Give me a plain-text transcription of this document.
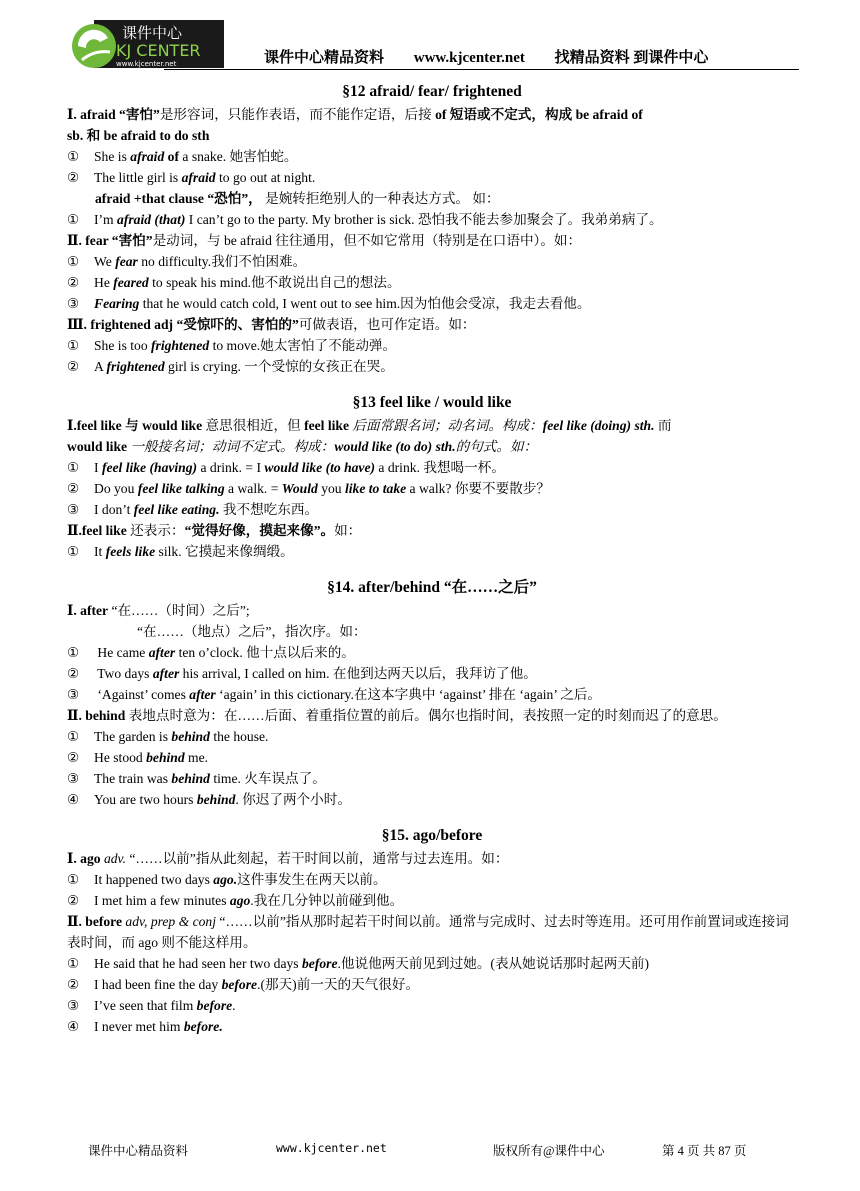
课件中心
KJ CENTER
www.kjcenter.net	课件中心精品资料 www.kjcenter.net 找精品资料 到课件中心
§12 afraid/ fear/ frightened
Ⅰ. afraid “害怕”是形容词，只能作表语，而不能作定语，后接 of 短语或不定式，构成 be afraid of
sb. 和 be afraid to do sth
① She is afraid of a snake. 她害怕蛇。
② The little girl is afraid to go out at night.
afraid +that clause “恐怕”， 是婉转拒绝别人的一种表达方式。 如：
① I’m afraid (that) I can’t go to the party. My brother is sick. 恐怕我不能去参加聚会了。我弟弟病了。
Ⅱ. fear “害怕”是动词，与 be afraid 往往通用，但不如它常用（特别是在口语中）。如：
① We fear no difficulty.我们不怕困难。
② He feared to speak his mind.他不敢说出自己的想法。
③ Fearing that he would catch cold, I went out to see him.因为怕他会受凉，我走去看他。
Ⅲ. frightened adj “受惊吓的、害怕的”可做表语，也可作定语。如：
① She is too frightened to move.她太害怕了不能动弹。
② A frightened girl is crying. 一个受惊的女孩正在哭。
§13 feel like / would like
Ⅰ.feel like 与 would like 意思很相近，但 feel like 后面常跟名词；动名词。构成：feel like (doing) sth. 而
would like 一般接名词；动词不定式。构成：would like (to do) sth.的句式。如：
① I feel like (having) a drink. = I would like (to have) a drink. 我想喝一杯。
② Do you feel like talking a walk. = Would you like to take a walk? 你要不要散步？
③ I don’t feel like eating. 我不想吃东西。
Ⅱ.feel like 还表示：“觉得好像，摸起来像”。如：
① It feels like silk. 它摸起来像绸缎。
§14. after/behind “在……之后”
Ⅰ. after “在……（时间）之后”;
“在……（地点）之后”，指次序。如：
① He came after ten o’clock. 他十点以后来的。
② Two days after his arrival, I called on him. 在他到达两天以后，我拜访了他。
③ ‘Against’ comes after ‘again’ in this cictionary.在这本字典中 ‘against’ 排在 ‘again’ 之后。
Ⅱ. behind 表地点时意为：在……后面、着重指位置的前后。偶尔也指时间，表按照一定的时刻而迟了的意思。
① The garden is behind the house.
② He stood behind me.
③ The train was behind time. 火车误点了。
④ You are two hours behind. 你迟了两个小时。
§15. ago/before
Ⅰ. ago adv. “……以前”指从此刻起，若干时间以前，通常与过去连用。如：
① It happened two days ago.这件事发生在两天以前。
② I met him a few minutes ago.我在几分钟以前碰到他。
Ⅱ. before adv, prep & conj “……以前”指从那时起若干时间以前。通常与完成时、过去时等连用。还可用作前置词或连接词表时间，而 ago 则不能这样用。
① He said that he had seen her two days before.他说他两天前见到过她。(表从她说话那时起两天前)
② I had been fine the day before.(那天)前一天的天气很好。
③ I’ve seen that film before.
④ I never met him before.
课件中心精品资料	www.kjcenter.net	版权所有@课件中心	第 4 页 共 87 页
